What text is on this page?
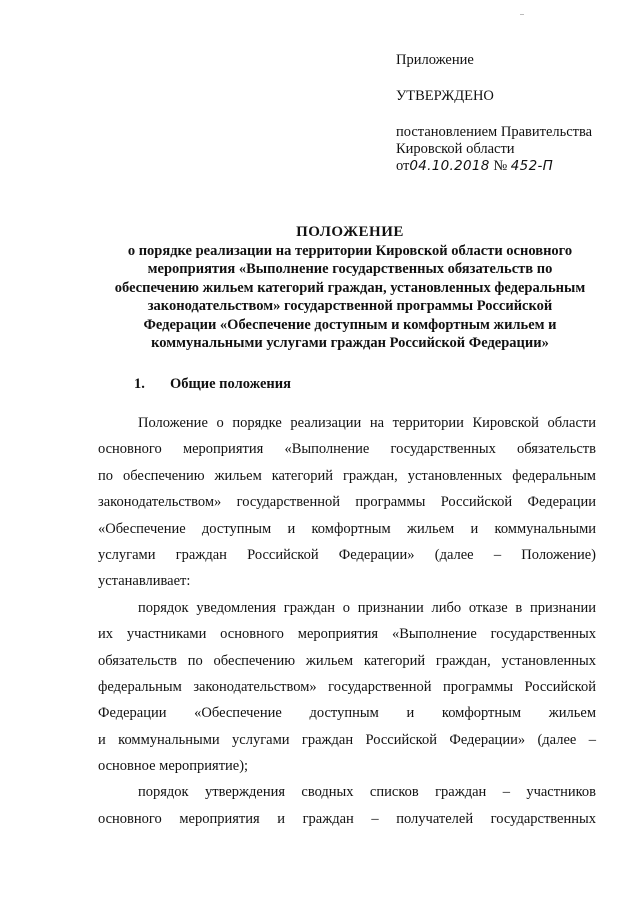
Приложение
УТВЕРЖДЕНО
постановлением Правительства
Кировской области
от04.10.2018 № 452-П
ПОЛОЖЕНИЕ
о порядке реализации на территории Кировской области основного
мероприятия «Выполнение государственных обязательств по
обеспечению жильем категорий граждан, установленных федеральным
законодательством» государственной программы Российской
Федерации «Обеспечение доступным и комфортным жильем и
коммунальными услугами граждан Российской Федерации»
1. Общие положения
Положение о порядке реализации на территории Кировской области
основного мероприятия «Выполнение государственных обязательств
по обеспечению жильем категорий граждан, установленных федеральным
законодательством» государственной программы Российской Федерации
«Обеспечение доступным и комфортным жильем и коммунальными
услугами граждан Российской Федерации» (далее – Положение)
устанавливает:
порядок уведомления граждан о признании либо отказе в признании
их участниками основного мероприятия «Выполнение государственных
обязательств по обеспечению жильем категорий граждан, установленных
федеральным законодательством» государственной программы Российской
Федерации «Обеспечение доступным и комфортным жильем
и коммунальными услугами граждан Российской Федерации» (далее –
основное мероприятие);
порядок утверждения сводных списков граждан – участников
основного мероприятия и граждан – получателей государственных
